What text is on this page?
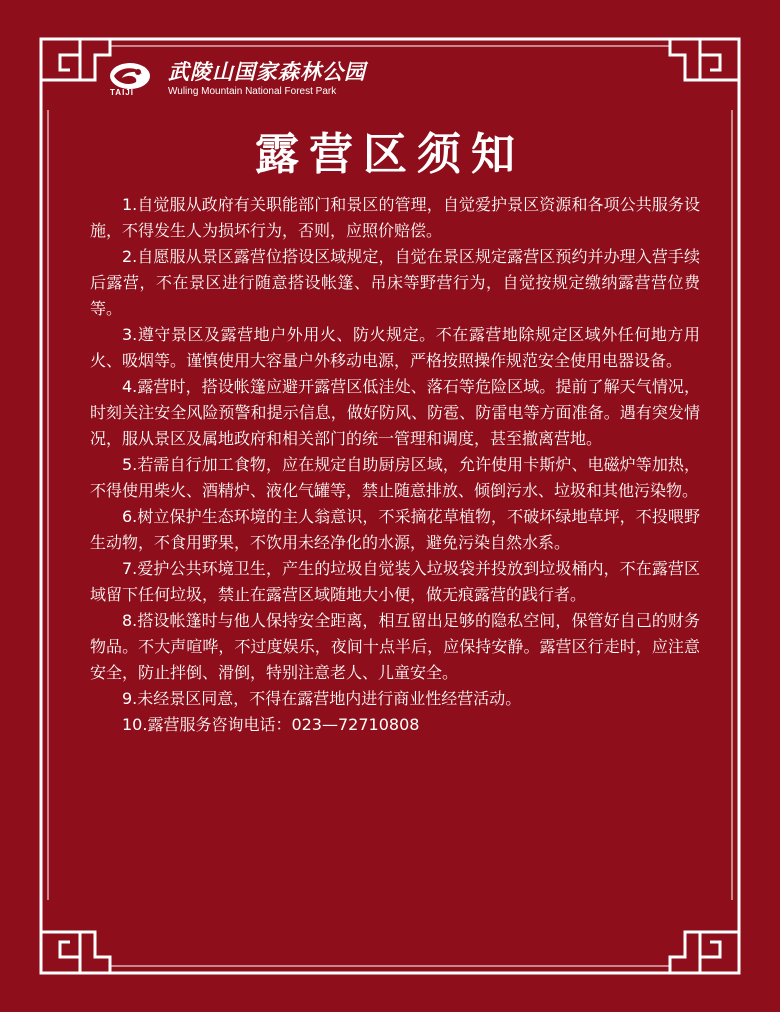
武陵山国家森林公园
Wuling Mountain National Forest Park
TAIJI
露营区须知
1.自觉服从政府有关职能部门和景区的管理，自觉爱护景区资源和各项公共服务设施，不得发生人为损坏行为，否则，应照价赔偿。
2.自愿服从景区露营位搭设区域规定，自觉在景区规定露营区预约并办理入营手续后露营，不在景区进行随意搭设帐篷、吊床等野营行为，自觉按规定缴纳露营营位费等。
3.遵守景区及露营地户外用火、防火规定。不在露营地除规定区域外任何地方用火、吸烟等。谨慎使用大容量户外移动电源，严格按照操作规范安全使用电器设备。
4.露营时，搭设帐篷应避开露营区低洼处、落石等危险区域。提前了解天气情况，时刻关注安全风险预警和提示信息，做好防风、防雹、防雷电等方面准备。遇有突发情况，服从景区及属地政府和相关部门的统一管理和调度，甚至撤离营地。
5.若需自行加工食物，应在规定自助厨房区域，允许使用卡斯炉、电磁炉等加热，不得使用柴火、酒精炉、液化气罐等，禁止随意排放、倾倒污水、垃圾和其他污染物。
6.树立保护生态环境的主人翁意识，不采摘花草植物，不破坏绿地草坪，不投喂野生动物，不食用野果，不饮用未经净化的水源，避免污染自然水系。
7.爱护公共环境卫生，产生的垃圾自觉装入垃圾袋并投放到垃圾桶内，不在露营区域留下任何垃圾，禁止在露营区域随地大小便，做无痕露营的践行者。
8.搭设帐篷时与他人保持安全距离，相互留出足够的隐私空间，保管好自己的财务物品。不大声喧哗，不过度娱乐，夜间十点半后，应保持安静。露营区行走时，应注意安全，防止拌倒、滑倒，特别注意老人、儿童安全。
9.未经景区同意，不得在露营地内进行商业性经营活动。
10.露营服务咨询电话：023—72710808
